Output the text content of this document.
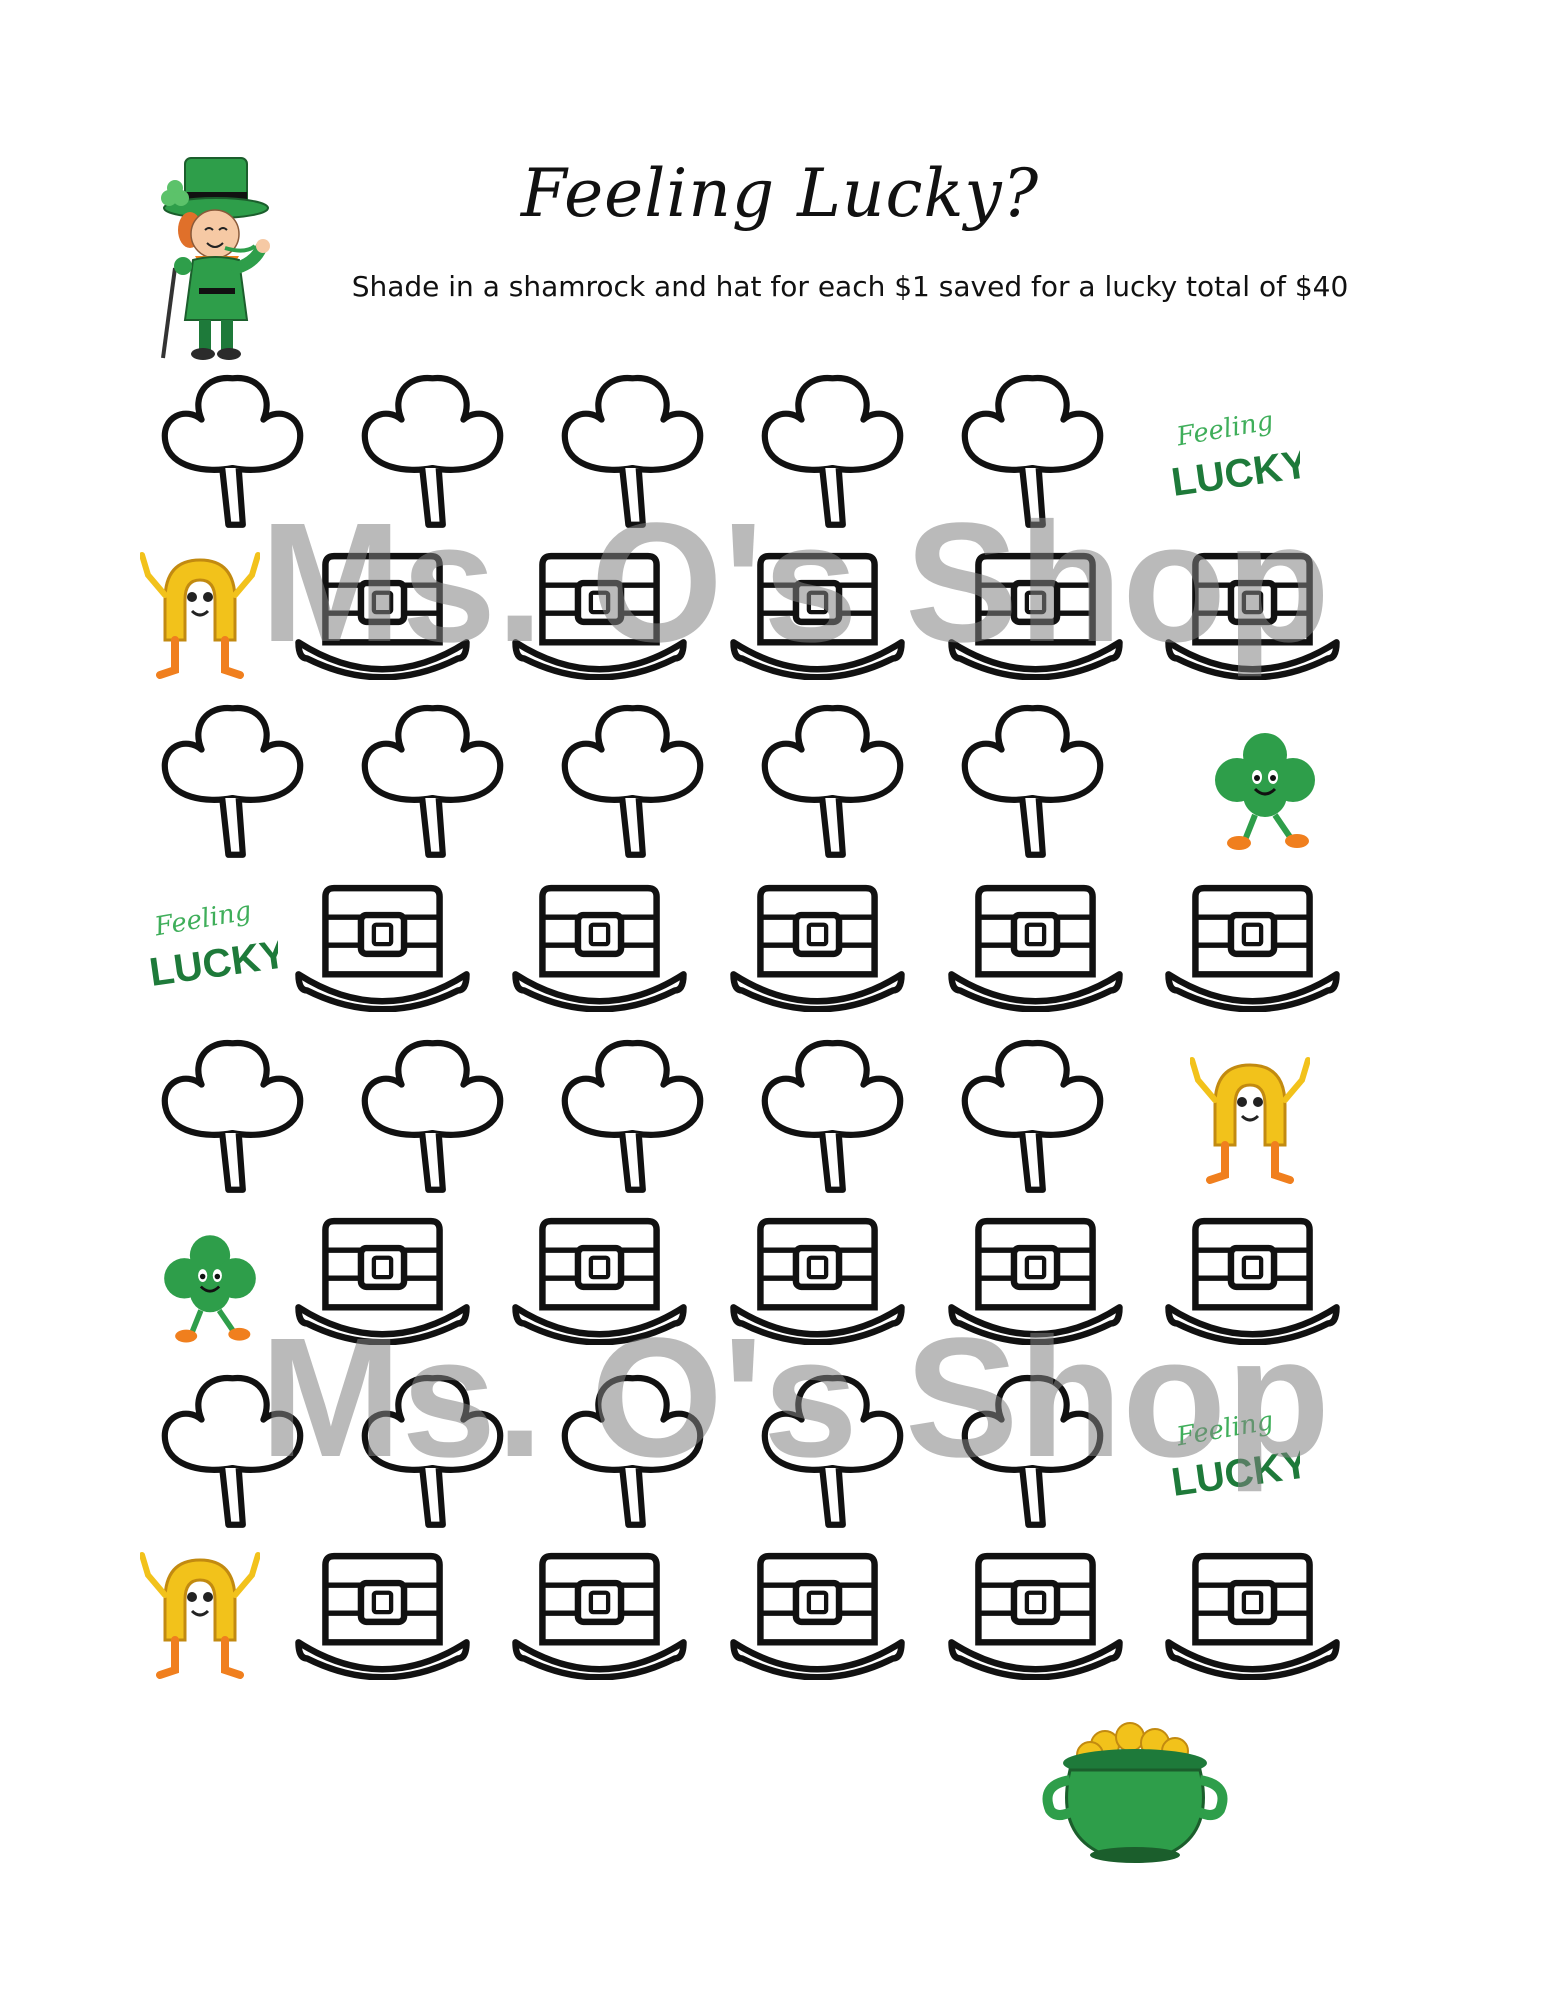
Feeling Lucky?
Shade in a shamrock and hat for each $1 saved for a lucky total of $40
Ms. O's Shop
Ms. O's Shop
